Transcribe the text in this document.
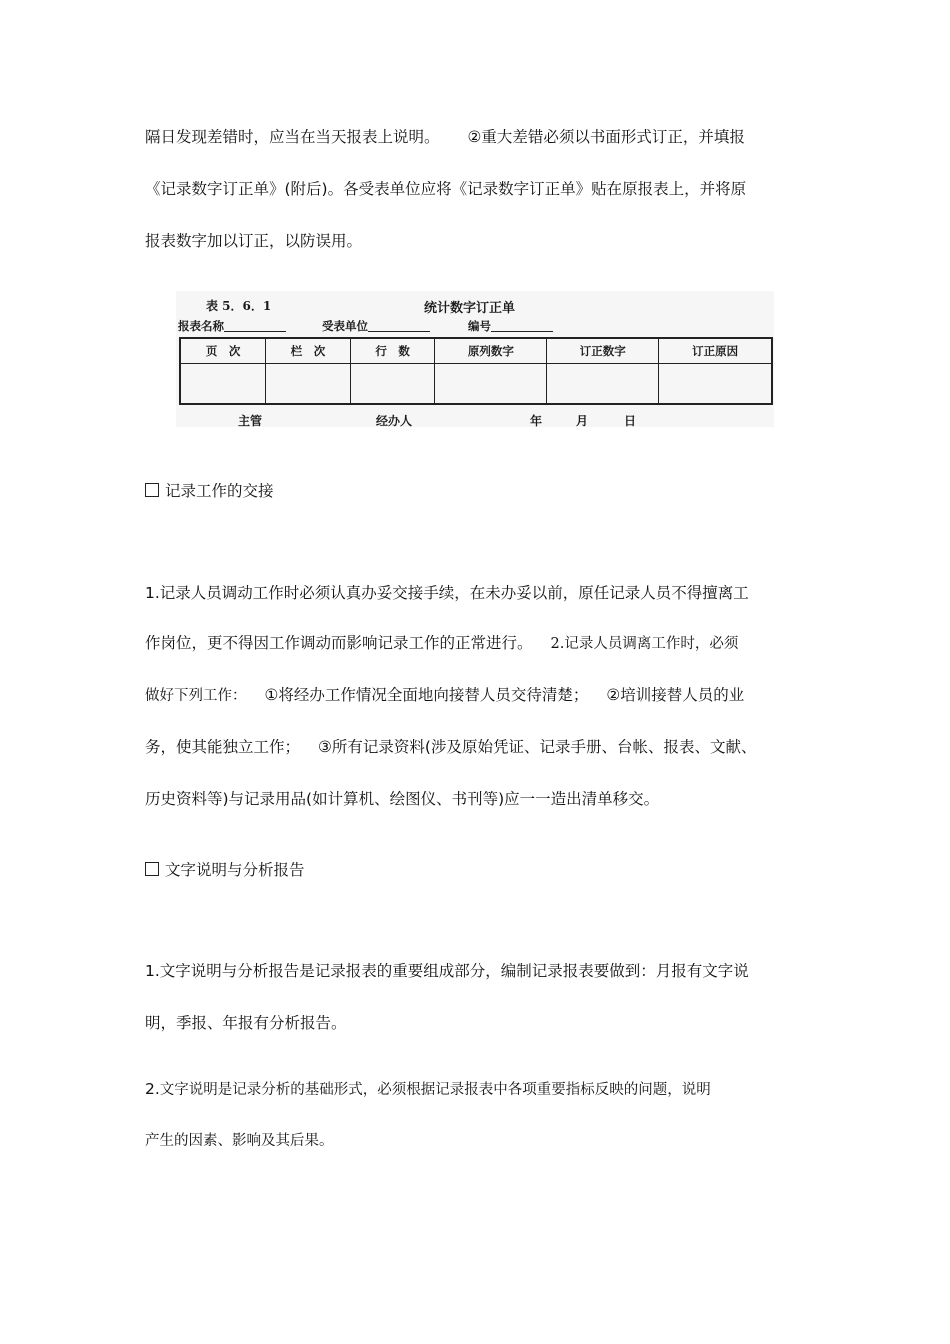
隔日发现差错时，应当在当天报表上说明。 ②重大差错必须以书面形式订正，并填报
《记录数字订正单》(附后)。各受表单位应将《记录数字订正单》贴在原报表上，并将原
报表数字加以订正，以防误用。
表 5．6．1	统计数字订正单
报表名称	受表单位	编号
页　次	栏　次	行　数	原列数字	订正数字	订正原因

主管	经办人	年	月	日
记录工作的交接
1.记录人员调动工作时必须认真办妥交接手续，在未办妥以前，原任记录人员不得擅离工
作岗位，更不得因工作调动而影响记录工作的正常进行。 2.记录人员调离工作时，必须
做好下列工作： ①将经办工作情况全面地向接替人员交待清楚； ②培训接替人员的业
务，使其能独立工作； ③所有记录资料(涉及原始凭证、记录手册、台帐、报表、文献、
历史资料等)与记录用品(如计算机、绘图仪、书刊等)应一一造出清单移交。
文字说明与分析报告
1.文字说明与分析报告是记录报表的重要组成部分，编制记录报表要做到：月报有文字说
明，季报、年报有分析报告。
2.文字说明是记录分析的基础形式，必须根据记录报表中各项重要指标反映的问题，说明
产生的因素、影响及其后果。
